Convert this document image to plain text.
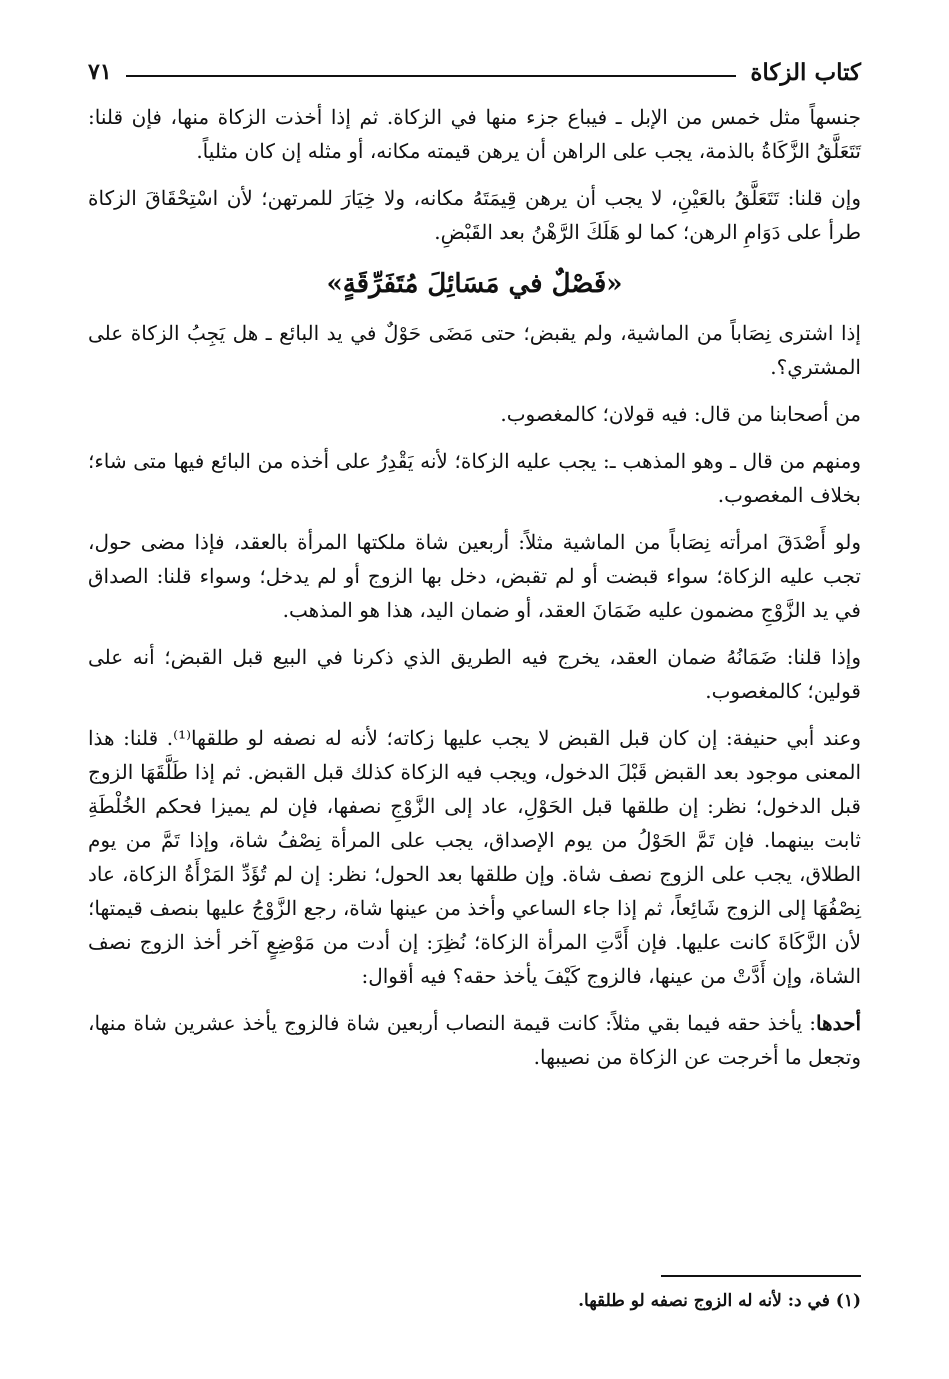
كتاب الزكاة
٧١

جنسهاً مثل خمس من الإبل ـ فيباع جزء منها في الزكاة. ثم إذا أخذت الزكاة منها، فإن قلنا: تَتَعَلَّقُ الزَّكَاةُ بالذمة، يجب على الراهن أن يرهن قيمته مكانه، أو مثله إن كان مثلياً.

وإن قلنا: تَتَعَلَّقُ بالعَيْنِ، لا يجب أن يرهن قِيمَتَهُ مكانه، ولا خِيَارَ للمرتهن؛ لأن اسْتِحْقَاقَ الزكاة طرأ على دَوَامِ الرهن؛ كما لو هَلَكَ الرَّهْنُ بعد القَبْضِ.

«فَصْلٌ في مَسَائِلَ مُتَفَرِّقَةٍ»

إذا اشترى نِصَاباً من الماشية، ولم يقبض؛ حتى مَضَى حَوْلٌ في يد البائع ـ هل يَجِبُ الزكاة على المشتري؟.

من أصحابنا من قال: فيه قولان؛ كالمغصوب.

ومنهم من قال ـ وهو المذهب ـ: يجب عليه الزكاة؛ لأنه يَقْدِرُ على أخذه من البائع فيها متى شاء؛ بخلاف المغصوب.

ولو أَصْدَقَ امرأته نِصَاباً من الماشية مثلاً: أربعين شاة ملكتها المرأة بالعقد، فإذا مضى حول، تجب عليه الزكاة؛ سواء قبضت أو لم تقبض، دخل بها الزوج أو لم يدخل؛ وسواء قلنا: الصداق في يد الزَّوْجِ مضمون عليه ضَمَانَ العقد، أو ضمان اليد، هذا هو المذهب.

وإذا قلنا: ضَمَانُهُ ضمان العقد، يخرج فيه الطريق الذي ذكرنا في البيع قبل القبض؛ أنه على قولين؛ كالمغصوب.

وعند أبي حنيفة: إن كان قبل القبض لا يجب عليها زكاته؛ لأنه له نصفه لو طلقها⁽¹⁾. قلنا: هذا المعنى موجود بعد القبض قَبْلَ الدخول، ويجب فيه الزكاة كذلك قبل القبض. ثم إذا طَلَّقَهَا الزوج قبل الدخول؛ نظر: إن طلقها قبل الحَوْلِ، عاد إلى الزَّوْجِ نصفها، فإن لم يميزا فحكم الخُلْطَةِ ثابت بينهما. فإن تَمَّ الحَوْلُ من يوم الإصداق، يجب على المرأة نِصْفُ شاة، وإذا تَمَّ من يوم الطلاق، يجب على الزوج نصف شاة. وإن طلقها بعد الحول؛ نظر: إن لم تُؤَدِّ المَرْأَةُ الزكاة، عاد نِصْفُهَا إلى الزوج شَائِعاً، ثم إذا جاء الساعي وأخذ من عينها شاة، رجع الزَّوْجُ عليها بنصف قيمتها؛ لأن الزَّكَاةَ كانت عليها. فإن أَدَّتِ المرأة الزكاة؛ نُظِرَ: إن أدت من مَوْضِعٍ آخر أخذ الزوج نصف الشاة، وإن أَدَّتْ من عينها، فالزوج كَيْفَ يأخذ حقه؟ فيه أقوال:

أحدها: يأخذ حقه فيما بقي مثلاً: كانت قيمة النصاب أربعين شاة فالزوج يأخذ عشرين شاة منها، وتجعل ما أخرجت عن الزكاة من نصيبها.

(١) في د: لأنه له الزوج نصفه لو طلقها.
